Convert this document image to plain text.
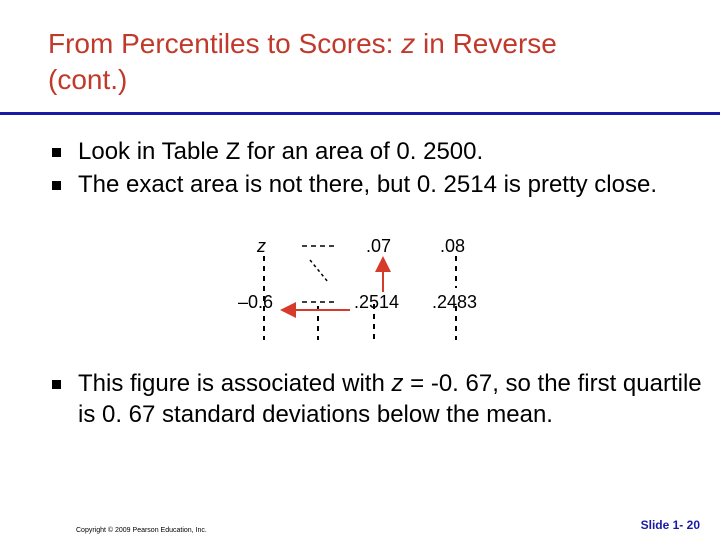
From Percentiles to Scores: z in Reverse
(cont.)
Look in Table Z for an area of 0. 2500.
The exact area is not there, but 0. 2514 is pretty close.
This figure is associated with z = -0. 67, so the first quartile is 0. 67 standard deviations below the mean.
z	.07	.08
–0.6	.2514 .2483
Copyright © 2009 Pearson Education, Inc.	Slide 1- 20
